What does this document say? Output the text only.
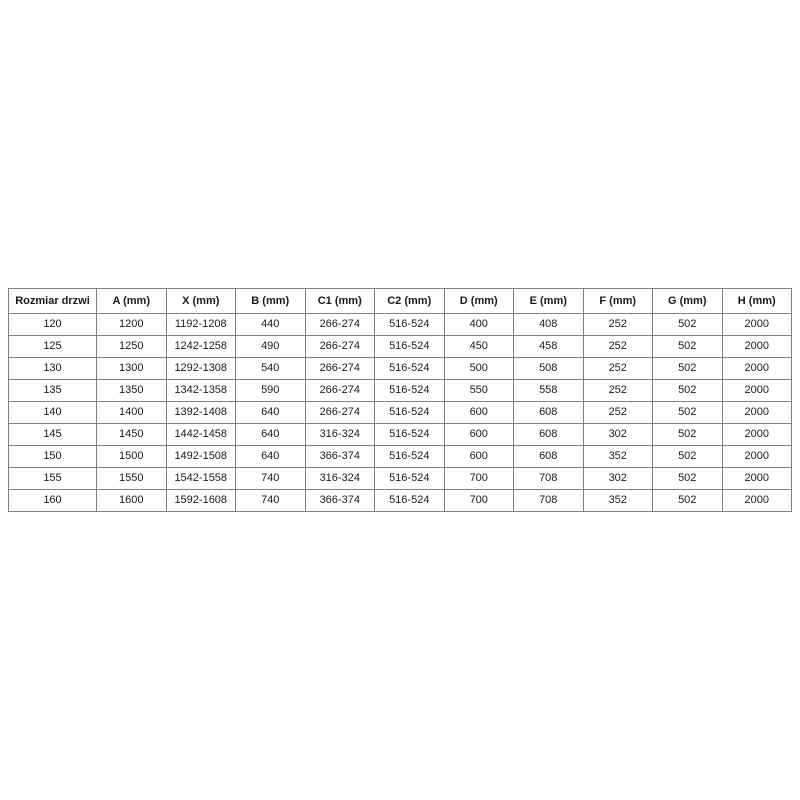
Rozmiar drzwi	A (mm)	X (mm)	B (mm)	C1 (mm)	C2 (mm)	D (mm)	E (mm)	F (mm)	G (mm)	H (mm)
120	1200	1192-1208	440	266-274	516-524	400	408	252	502	2000
125	1250	1242-1258	490	266-274	516-524	450	458	252	502	2000
130	1300	1292-1308	540	266-274	516-524	500	508	252	502	2000
135	1350	1342-1358	590	266-274	516-524	550	558	252	502	2000
140	1400	1392-1408	640	266-274	516-524	600	608	252	502	2000
145	1450	1442-1458	640	316-324	516-524	600	608	302	502	2000
150	1500	1492-1508	640	366-374	516-524	600	608	352	502	2000
155	1550	1542-1558	740	316-324	516-524	700	708	302	502	2000
160	1600	1592-1608	740	366-374	516-524	700	708	352	502	2000
